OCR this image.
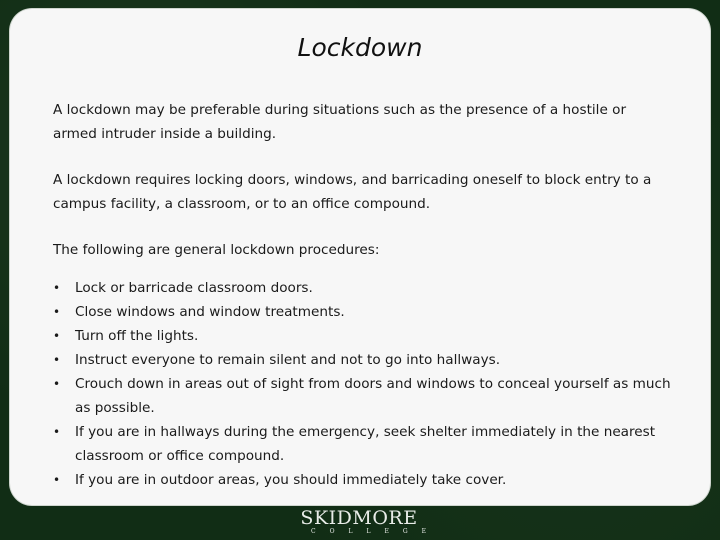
Lockdown

A lockdown may be preferable during situations such as the presence of a hostile or armed intruder inside a building.

A lockdown requires locking doors, windows, and barricading oneself to block entry to a campus facility, a classroom, or to an office compound.

The following are general lockdown procedures:

• Lock or barricade classroom doors.
• Close windows and window treatments.
• Turn off the lights.
• Instruct everyone to remain silent and not to go into hallways.
• Crouch down in areas out of sight from doors and windows to conceal yourself as much as possible.
• If you are in hallways during the emergency, seek shelter immediately in the nearest classroom or office compound.
• If you are in outdoor areas, you should immediately take cover.
SKIDMORE
COLLEGE
